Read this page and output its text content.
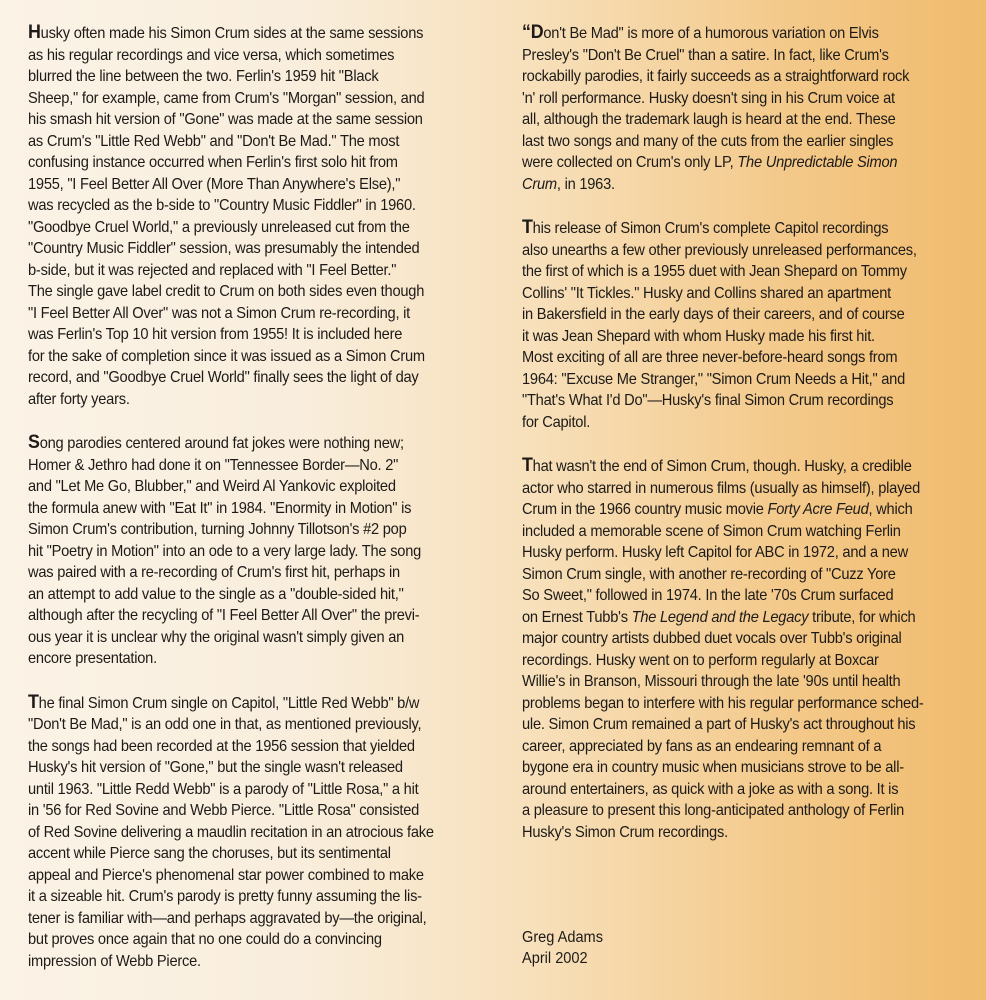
Husky often made his Simon Crum sides at the same sessions
as his regular recordings and vice versa, which sometimes
blurred the line between the two. Ferlin's 1959 hit "Black
Sheep," for example, came from Crum's "Morgan" session, and
his smash hit version of "Gone" was made at the same session
as Crum's "Little Red Webb" and "Don't Be Mad." The most
confusing instance occurred when Ferlin's first solo hit from
1955, "I Feel Better All Over (More Than Anywhere's Else),"
was recycled as the b-side to "Country Music Fiddler" in 1960.
"Goodbye Cruel World," a previously unreleased cut from the
"Country Music Fiddler" session, was presumably the intended
b-side, but it was rejected and replaced with "I Feel Better."
The single gave label credit to Crum on both sides even though
"I Feel Better All Over" was not a Simon Crum re-recording, it
was Ferlin's Top 10 hit version from 1955! It is included here
for the sake of completion since it was issued as a Simon Crum
record, and "Goodbye Cruel World" finally sees the light of day
after forty years.

Song parodies centered around fat jokes were nothing new;
Homer & Jethro had done it on "Tennessee Border—No. 2"
and "Let Me Go, Blubber," and Weird Al Yankovic exploited
the formula anew with "Eat It" in 1984. "Enormity in Motion" is
Simon Crum's contribution, turning Johnny Tillotson's #2 pop
hit "Poetry in Motion" into an ode to a very large lady. The song
was paired with a re-recording of Crum's first hit, perhaps in
an attempt to add value to the single as a "double-sided hit,"
although after the recycling of "I Feel Better All Over" the previ-
ous year it is unclear why the original wasn't simply given an
encore presentation.

The final Simon Crum single on Capitol, "Little Red Webb" b/w
"Don't Be Mad," is an odd one in that, as mentioned previously,
the songs had been recorded at the 1956 session that yielded
Husky's hit version of "Gone," but the single wasn't released
until 1963. "Little Redd Webb" is a parody of "Little Rosa," a hit
in '56 for Red Sovine and Webb Pierce. "Little Rosa" consisted
of Red Sovine delivering a maudlin recitation in an atrocious fake
accent while Pierce sang the choruses, but its sentimental
appeal and Pierce's phenomenal star power combined to make
it a sizeable hit. Crum's parody is pretty funny assuming the lis-
tener is familiar with—and perhaps aggravated by—the original,
but proves once again that no one could do a convincing
impression of Webb Pierce.

“Don't Be Mad" is more of a humorous variation on Elvis
Presley's "Don't Be Cruel" than a satire. In fact, like Crum's
rockabilly parodies, it fairly succeeds as a straightforward rock
'n' roll performance. Husky doesn't sing in his Crum voice at
all, although the trademark laugh is heard at the end. These
last two songs and many of the cuts from the earlier singles
were collected on Crum's only LP, The Unpredictable Simon
Crum, in 1963.

This release of Simon Crum's complete Capitol recordings
also unearths a few other previously unreleased performances,
the first of which is a 1955 duet with Jean Shepard on Tommy
Collins' "It Tickles." Husky and Collins shared an apartment
in Bakersfield in the early days of their careers, and of course
it was Jean Shepard with whom Husky made his first hit.
Most exciting of all are three never-before-heard songs from
1964: "Excuse Me Stranger," "Simon Crum Needs a Hit," and
"That's What I'd Do"—Husky's final Simon Crum recordings
for Capitol.

That wasn't the end of Simon Crum, though. Husky, a credible
actor who starred in numerous films (usually as himself), played
Crum in the 1966 country music movie Forty Acre Feud, which
included a memorable scene of Simon Crum watching Ferlin
Husky perform. Husky left Capitol for ABC in 1972, and a new
Simon Crum single, with another re-recording of "Cuzz Yore
So Sweet," followed in 1974. In the late '70s Crum surfaced
on Ernest Tubb's The Legend and the Legacy tribute, for which
major country artists dubbed duet vocals over Tubb's original
recordings. Husky went on to perform regularly at Boxcar
Willie's in Branson, Missouri through the late '90s until health
problems began to interfere with his regular performance sched-
ule. Simon Crum remained a part of Husky's act throughout his
career, appreciated by fans as an endearing remnant of a
bygone era in country music when musicians strove to be all-
around entertainers, as quick with a joke as with a song. It is
a pleasure to present this long-anticipated anthology of Ferlin
Husky's Simon Crum recordings.

Greg Adams
April 2002
